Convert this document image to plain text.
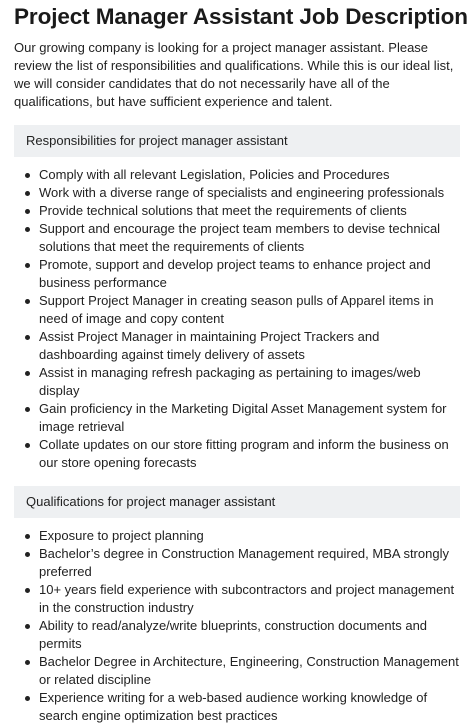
Project Manager Assistant Job Description

Our growing company is looking for a project manager assistant. Please review the list of responsibilities and qualifications. While this is our ideal list, we will consider candidates that do not necessarily have all of the qualifications, but have sufficient experience and talent.

Responsibilities for project manager assistant
Comply with all relevant Legislation, Policies and Procedures
Work with a diverse range of specialists and engineering professionals
Provide technical solutions that meet the requirements of clients
Support and encourage the project team members to devise technical solutions that meet the requirements of clients
Promote, support and develop project teams to enhance project and business performance
Support Project Manager in creating season pulls of Apparel items in need of image and copy content
Assist Project Manager in maintaining Project Trackers and dashboarding against timely delivery of assets
Assist in managing refresh packaging as pertaining to images/web display
Gain proficiency in the Marketing Digital Asset Management system for image retrieval
Collate updates on our store fitting program and inform the business on our store opening forecasts
Qualifications for project manager assistant
Exposure to project planning
Bachelor’s degree in Construction Management required, MBA strongly preferred
10+ years field experience with subcontractors and project management in the construction industry
Ability to read/analyze/write blueprints, construction documents and permits
Bachelor Degree in Architecture, Engineering, Construction Management or related discipline
Experience writing for a web-based audience working knowledge of search engine optimization best practices
